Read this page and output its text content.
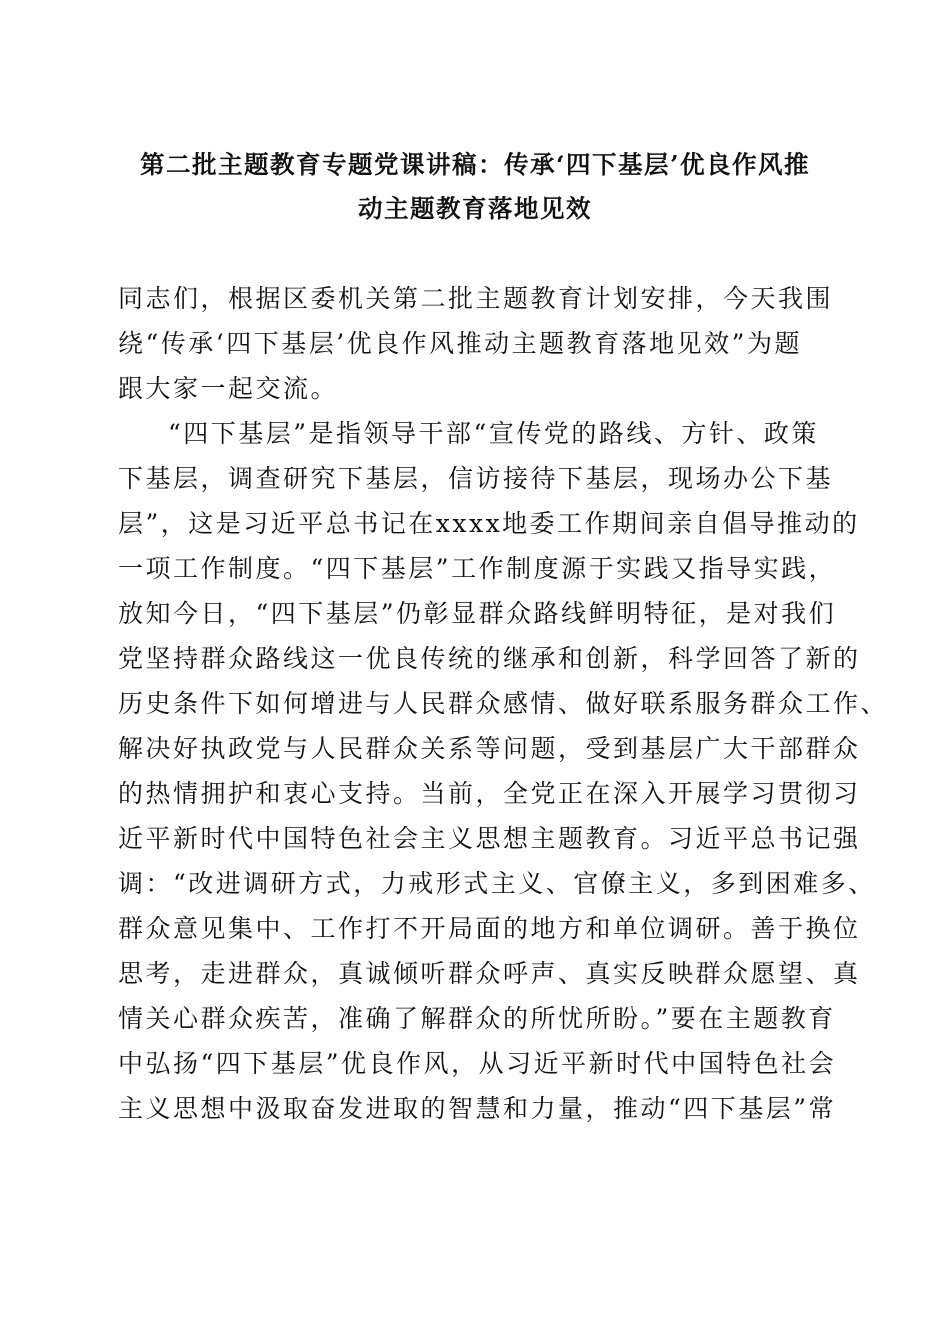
第二批主题教育专题党课讲稿：传承‘四下基层’优良作风推
动主题教育落地见效
同志们，根据区委机关第二批主题教育计划安排，今天我围
绕“传承‘四下基层’优良作风推动主题教育落地见效”为题
跟大家一起交流。
“四下基层”是指领导干部“宣传党的路线、方针、政策
下基层，调查研究下基层，信访接待下基层，现场办公下基
层”，这是习近平总书记在xxxx地委工作期间亲自倡导推动的
一项工作制度。“四下基层”工作制度源于实践又指导实践，
放知今日，“四下基层”仍彰显群众路线鲜明特征，是对我们
党坚持群众路线这一优良传统的继承和创新，科学回答了新的
历史条件下如何增进与人民群众感情、做好联系服务群众工作、
解决好执政党与人民群众关系等问题，受到基层广大干部群众
的热情拥护和衷心支持。当前，全党正在深入开展学习贯彻习
近平新时代中国特色社会主义思想主题教育。习近平总书记强
调：“改进调研方式，力戒形式主义、官僚主义，多到困难多、
群众意见集中、工作打不开局面的地方和单位调研。善于换位
思考，走进群众，真诚倾听群众呼声、真实反映群众愿望、真
情关心群众疾苦，准确了解群众的所忧所盼。”要在主题教育
中弘扬“四下基层”优良作风，从习近平新时代中国特色社会
主义思想中汲取奋发进取的智慧和力量，推动“四下基层”常
